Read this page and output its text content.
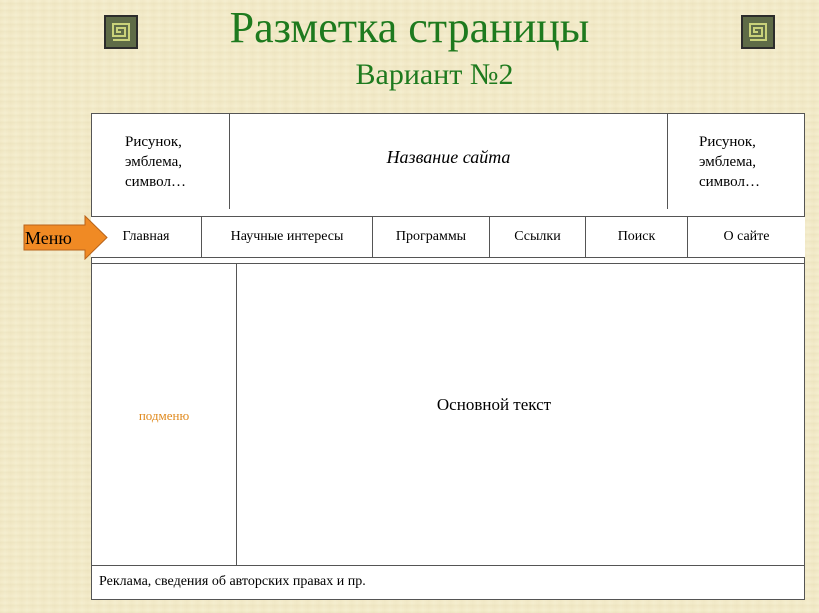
Разметка страницы
Вариант №2
Рисунок,
эмблема,
символ…
Название сайта
Рисунок,
эмблема,
символ…
Главная	Научные интересы	Программы	Ссылки	Поиск	О сайте
Меню
подменю
Основной текст
Реклама, сведения об авторских правах и пр.
